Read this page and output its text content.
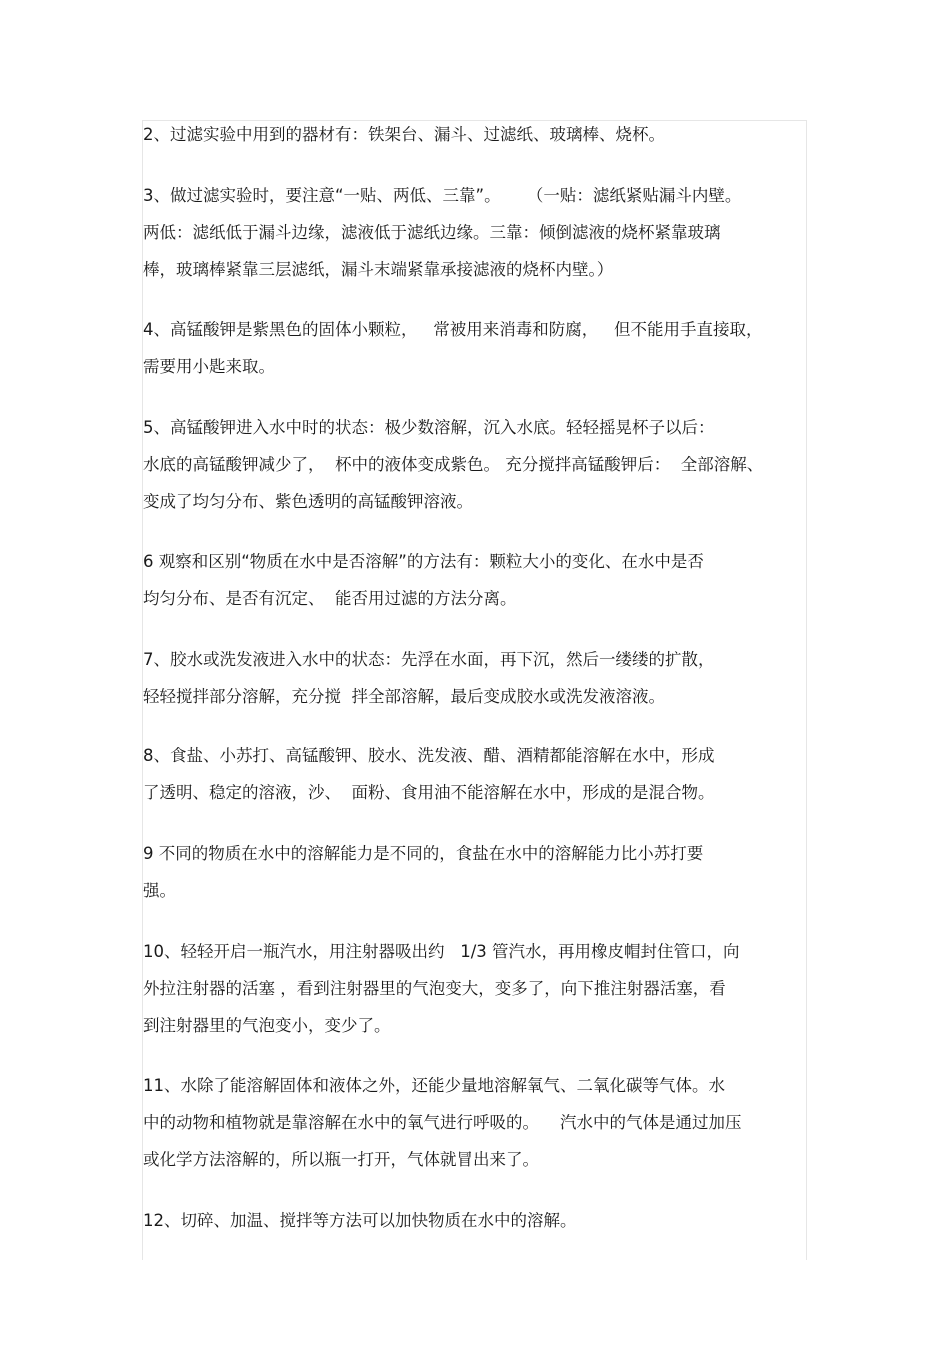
2、过滤实验中用到的器材有：铁架台、漏斗、过滤纸、玻璃棒、烧杯。
3、做过滤实验时，要注意“一贴、两低、三靠”。     （一贴：滤纸紧贴漏斗内壁。
两低：滤纸低于漏斗边缘，滤液低于滤纸边缘。三靠：倾倒滤液的烧杯紧靠玻璃
棒，玻璃棒紧靠三层滤纸，漏斗末端紧靠承接滤液的烧杯内壁。）
4、高锰酸钾是紫黑色的固体小颗粒，   常被用来消毒和防腐，   但不能用手直接取，
需要用小匙来取。
5、高锰酸钾进入水中时的状态：极少数溶解，沉入水底。轻轻摇晃杯子以后：
水底的高锰酸钾减少了，  杯中的液体变成紫色。 充分搅拌高锰酸钾后：  全部溶解、
变成了均匀分布、紫色透明的高锰酸钾溶液。
6 观察和区别“物质在水中是否溶解”的方法有：颗粒大小的变化、在水中是否
均匀分布、是否有沉定、  能否用过滤的方法分离。
7、胶水或洗发液进入水中的状态：先浮在水面，再下沉，然后一缕缕的扩散，
轻轻搅拌部分溶解，充分搅  拌全部溶解，最后变成胶水或洗发液溶液。
8、食盐、小苏打、高锰酸钾、胶水、洗发液、醋、酒精都能溶解在水中，形成
了透明、稳定的溶液，沙、  面粉、食用油不能溶解在水中，形成的是混合物。
9 不同的物质在水中的溶解能力是不同的，食盐在水中的溶解能力比小苏打要
强。
10、轻轻开启一瓶汽水，用注射器吸出约   1/3 管汽水，再用橡皮帽封住管口，向
外拉注射器的活塞 ，看到注射器里的气泡变大，变多了，向下推注射器活塞，看
到注射器里的气泡变小，变少了。
11、水除了能溶解固体和液体之外，还能少量地溶解氧气、二氧化碳等气体。水
中的动物和植物就是靠溶解在水中的氧气进行呼吸的。    汽水中的气体是通过加压
或化学方法溶解的，所以瓶一打开，气体就冒出来了。
12、切碎、加温、搅拌等方法可以加快物质在水中的溶解。
